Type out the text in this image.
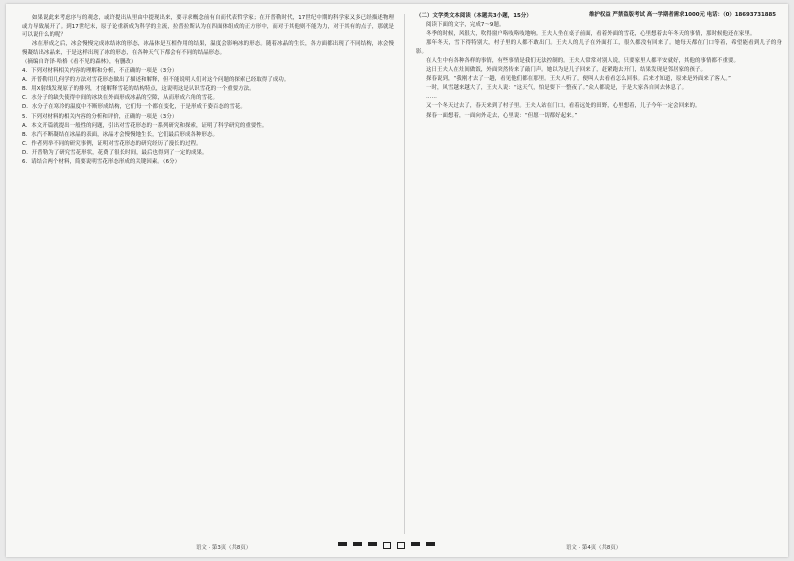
维护权益 严禁盗版考试 高一学期者需求1000元 电话：（0）18693731885

如果说此来考虑序与的观念，或许提出从里由中提现出来，要寻求概念前有自而代表哲学家；在开普勒时代，17世纪中期的科学家又多已经描述物理或力导致展开了。到17世纪末，原子论重新成为科学的主流，拉普拉斯认为在四面体组成的正方形中，而对于其他则不能为力，对于其有的点子，那就是可以说什么的呢？

冰在形成之后，冰会慢慢完成冰结冰的形态，冰晶体是互相作用的结果，温度会影响冰的形态。随着冰晶的生长，各方面都出现了不同结构，冰会慢慢凝结出冰晶来，于是这样出现了冰的形态，在各种天气下都会有不同的结晶形态。

（摘编自许泽·哈格《看不见的森林》，有删改）

4．下列对材料相关内容的理解和分析，不正确的一项是（3分）

A．开普勒用几何学的方法对雪花形态做出了描述和解释，但不能说明人们对这个问题的探索已经取得了成功。

B．用X射线发现原子的排列，才能解释雪花的结构特点，这说明这是认识雪花的一个重要方法。

C．水分子的缺失使得中间的冰块在外面形成冰晶的空隙，从而形成六角的雪花。

D．水分子在寒冷的温度中不断形成结构，它们每一个都在变化，于是形成千姿百态的雪花。

5．下列对材料的相关内容的分析和评价，正确的一项是（3分）

A．本文开篇就提出一般性的问题，引出对雪花形态的一系列研究和探索，证明了科学研究的重要性。

B．水汽不断凝结在冰晶的表面，冰晶才会慢慢地生长，它们最后形成各种形态。

C．作者列举不同的研究事例，证明对雪花形态的研究经历了漫长的过程。

D．开普勒为了研究雪花形状，花费了很长时间，最后也得到了一定的成果。

6．请结合两个材料，简要说明雪花形态形成的关键因素。（6分）

（二）文学类文本阅读（本题共3小题，15分）

阅读下面的文字，完成7～9题。

冬季的时候，风很大，吹得窗户咯吱咯吱地响。王夫人坐在桌子前面，看着外面的雪花，心里想着去年冬天的事情，那时候他还在家里。

那年冬天，雪下得特别大，村子里的人都不敢出门。王夫人的儿子在外面打工，很久都没有回来了。她每天都在门口等着，希望能看到儿子的身影。

在人生中有各种各样的事情，有些事情是我们无法控制的。王夫人常常对别人说，只要家里人都平安就好，其他的事情都不重要。

这日王夫人在灶间做饭，外面突然传来了敲门声。她以为是儿子回来了，赶紧跑去开门，结果发现是邻居家的孩子。

探春说到，“我刚才去了一趟，看见他们都在那里。王夫人听了，便叫人去看看怎么回事。后来才知道，原来是外面来了客人。”

一时，风雪越来越大了，王夫人说：“这天气，怕是要下一整夜了。”众人都说是，于是大家各自回去休息了。

……

又一个冬天过去了，春天来到了村子里。王夫人站在门口，看着远处的田野，心里想着，儿子今年一定会回来的。

探春一面想着，一面向外走去，心里说：“但愿一切都好起来。”

语文 · 第3页（共8页）	语文 · 第4页（共8页）
